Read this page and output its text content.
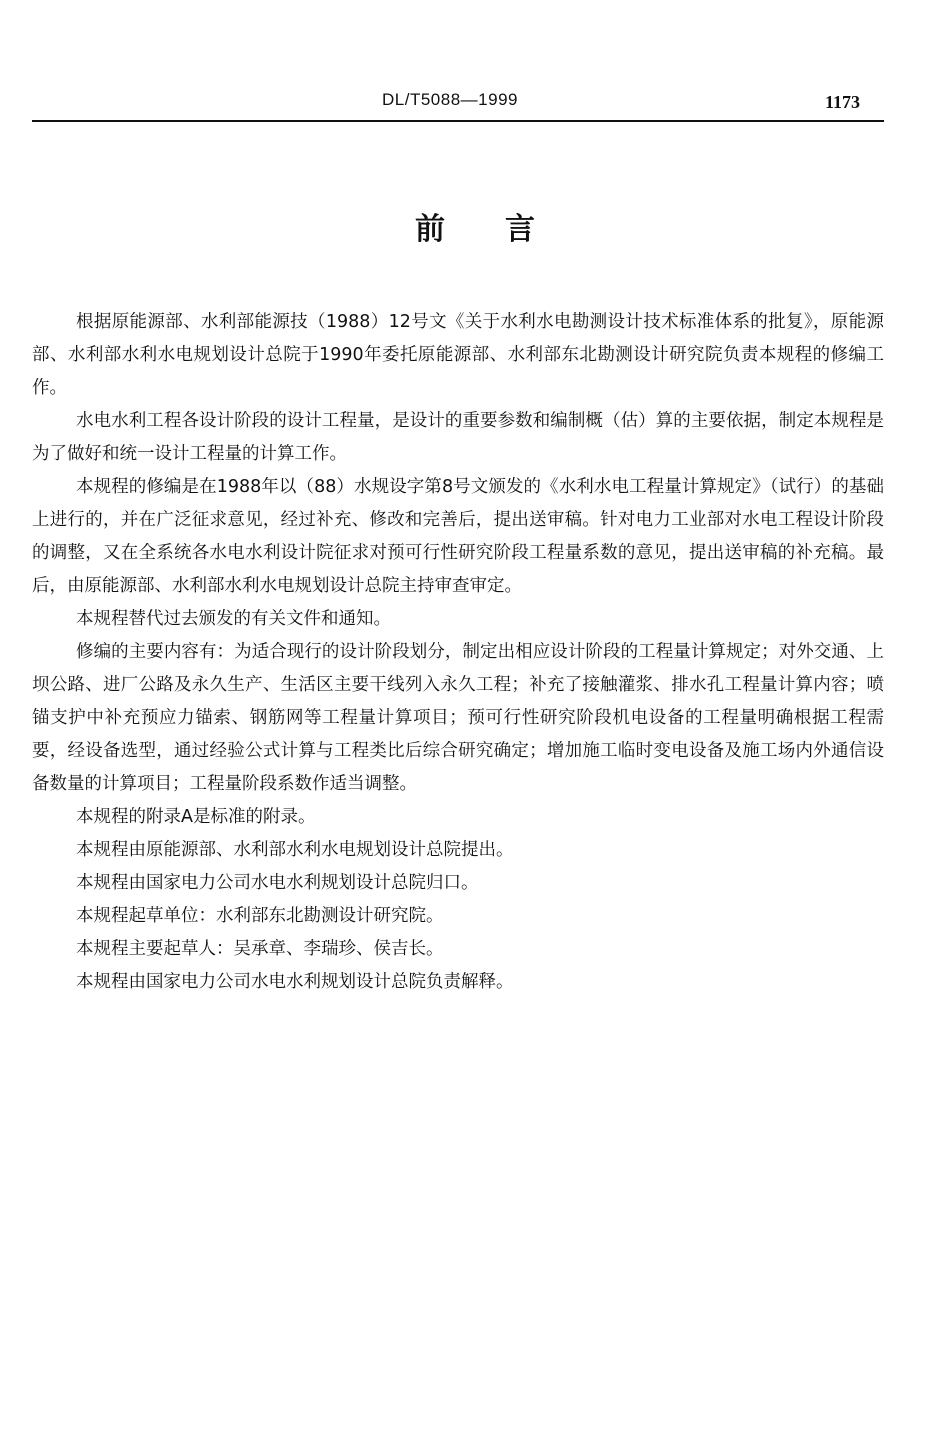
DL/T5088—1999	1173
前言

根据原能源部、水利部能源技（1988）12号文《关于水利水电勘测设计技术标准体系的批复》，原能源部、水利部水利水电规划设计总院于1990年委托原能源部、水利部东北勘测设计研究院负责本规程的修编工作。

水电水利工程各设计阶段的设计工程量，是设计的重要参数和编制概（估）算的主要依据，制定本规程是为了做好和统一设计工程量的计算工作。

本规程的修编是在1988年以（88）水规设字第8号文颁发的《水利水电工程量计算规定》（试行）的基础上进行的，并在广泛征求意见，经过补充、修改和完善后，提出送审稿。针对电力工业部对水电工程设计阶段的调整，又在全系统各水电水利设计院征求对预可行性研究阶段工程量系数的意见，提出送审稿的补充稿。最后，由原能源部、水利部水利水电规划设计总院主持审查审定。

本规程替代过去颁发的有关文件和通知。

修编的主要内容有：为适合现行的设计阶段划分，制定出相应设计阶段的工程量计算规定；对外交通、上坝公路、进厂公路及永久生产、生活区主要干线列入永久工程；补充了接触灌浆、排水孔工程量计算内容；喷锚支护中补充预应力锚索、钢筋网等工程量计算项目；预可行性研究阶段机电设备的工程量明确根据工程需要，经设备选型，通过经验公式计算与工程类比后综合研究确定；增加施工临时变电设备及施工场内外通信设备数量的计算项目；工程量阶段系数作适当调整。

本规程的附录A是标准的附录。

本规程由原能源部、水利部水利水电规划设计总院提出。

本规程由国家电力公司水电水利规划设计总院归口。

本规程起草单位：水利部东北勘测设计研究院。

本规程主要起草人：吴承章、李瑞珍、侯吉长。

本规程由国家电力公司水电水利规划设计总院负责解释。
